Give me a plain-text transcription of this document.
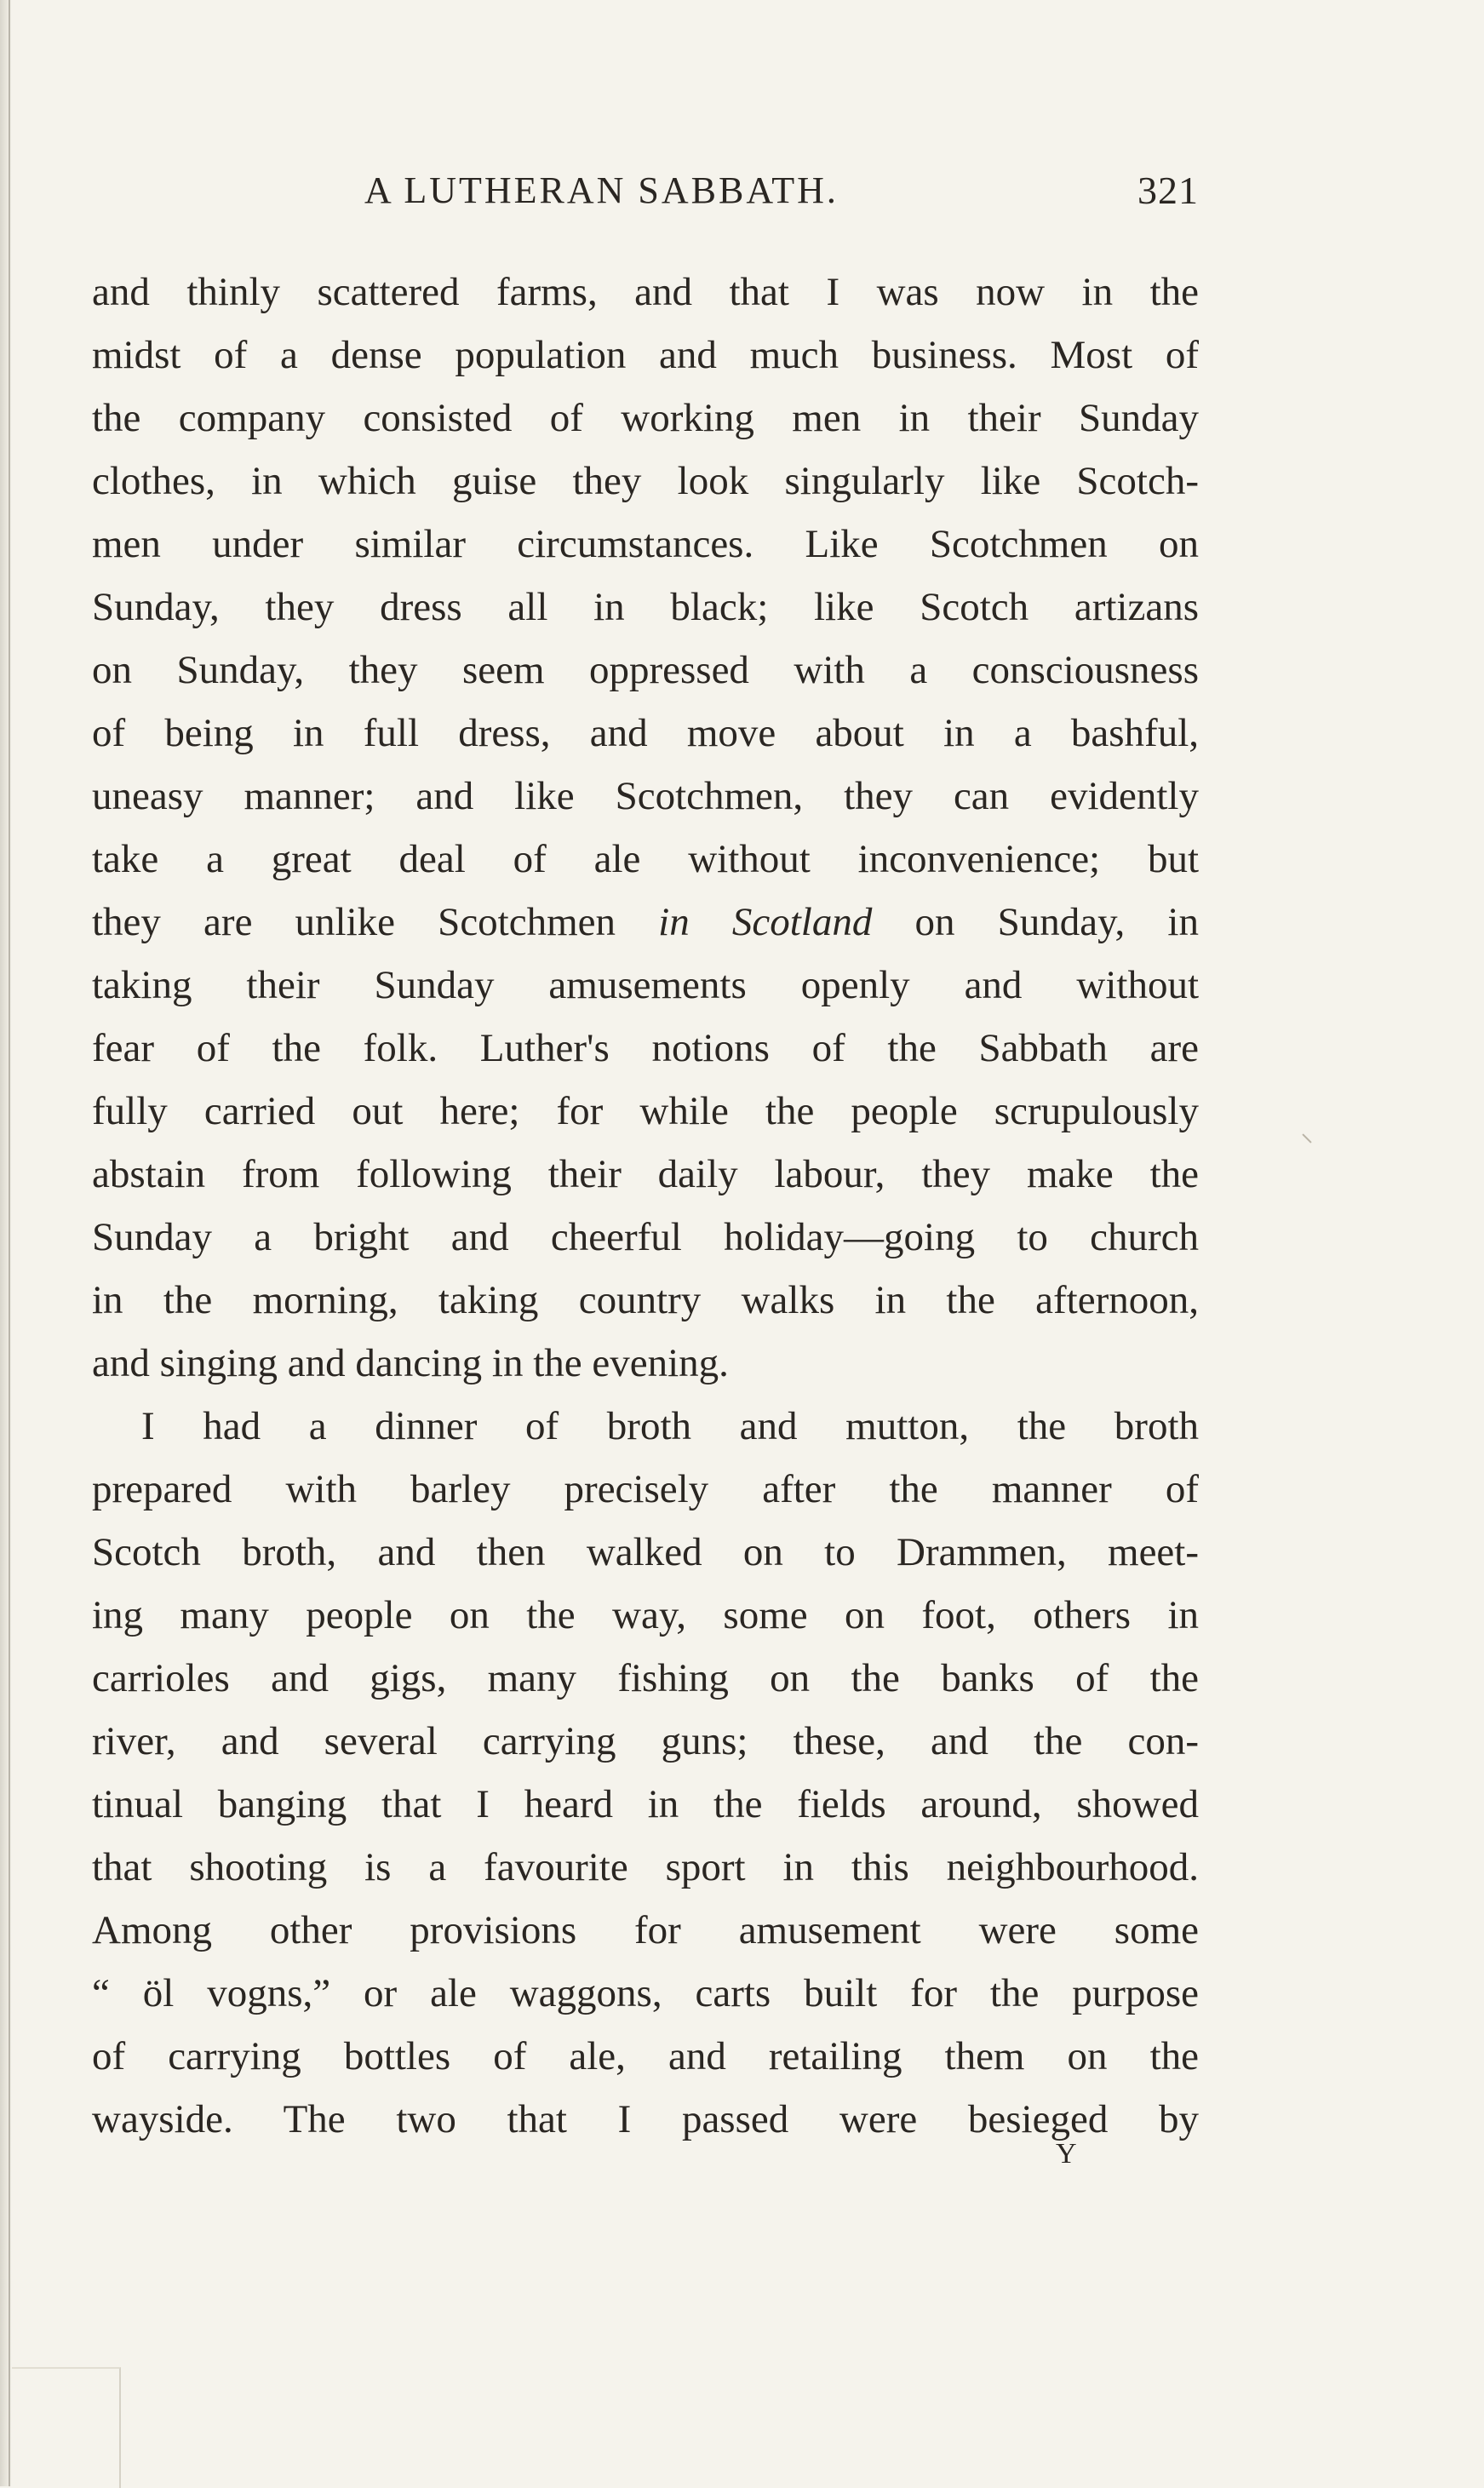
A LUTHERAN SABBATH.	321
and thinly scattered farms, and that I was now in the
midst of a dense population and much business. Most of
the company consisted of working men in their Sunday
clothes, in which guise they look singularly like Scotch-
men under similar circumstances. Like Scotchmen on
Sunday, they dress all in black; like Scotch artizans
on Sunday, they seem oppressed with a consciousness
of being in full dress, and move about in a bashful,
uneasy manner; and like Scotchmen, they can evidently
take a great deal of ale without inconvenience; but
they are unlike Scotchmen in Scotland on Sunday, in
taking their Sunday amusements openly and without
fear of the folk. Luther's notions of the Sabbath are
fully carried out here; for while the people scrupulously
abstain from following their daily labour, they make the
Sunday a bright and cheerful holiday—going to church
in the morning, taking country walks in the afternoon,
and singing and dancing in the evening.
I had a dinner of broth and mutton, the broth
prepared with barley precisely after the manner of
Scotch broth, and then walked on to Drammen, meet-
ing many people on the way, some on foot, others in
carrioles and gigs, many fishing on the banks of the
river, and several carrying guns; these, and the con-
tinual banging that I heard in the fields around, showed
that shooting is a favourite sport in this neighbourhood.
Among other provisions for amusement were some
“ öl vogns,” or ale waggons, carts built for the purpose
of carrying bottles of ale, and retailing them on the
wayside. The two that I passed were besieged by
Y
